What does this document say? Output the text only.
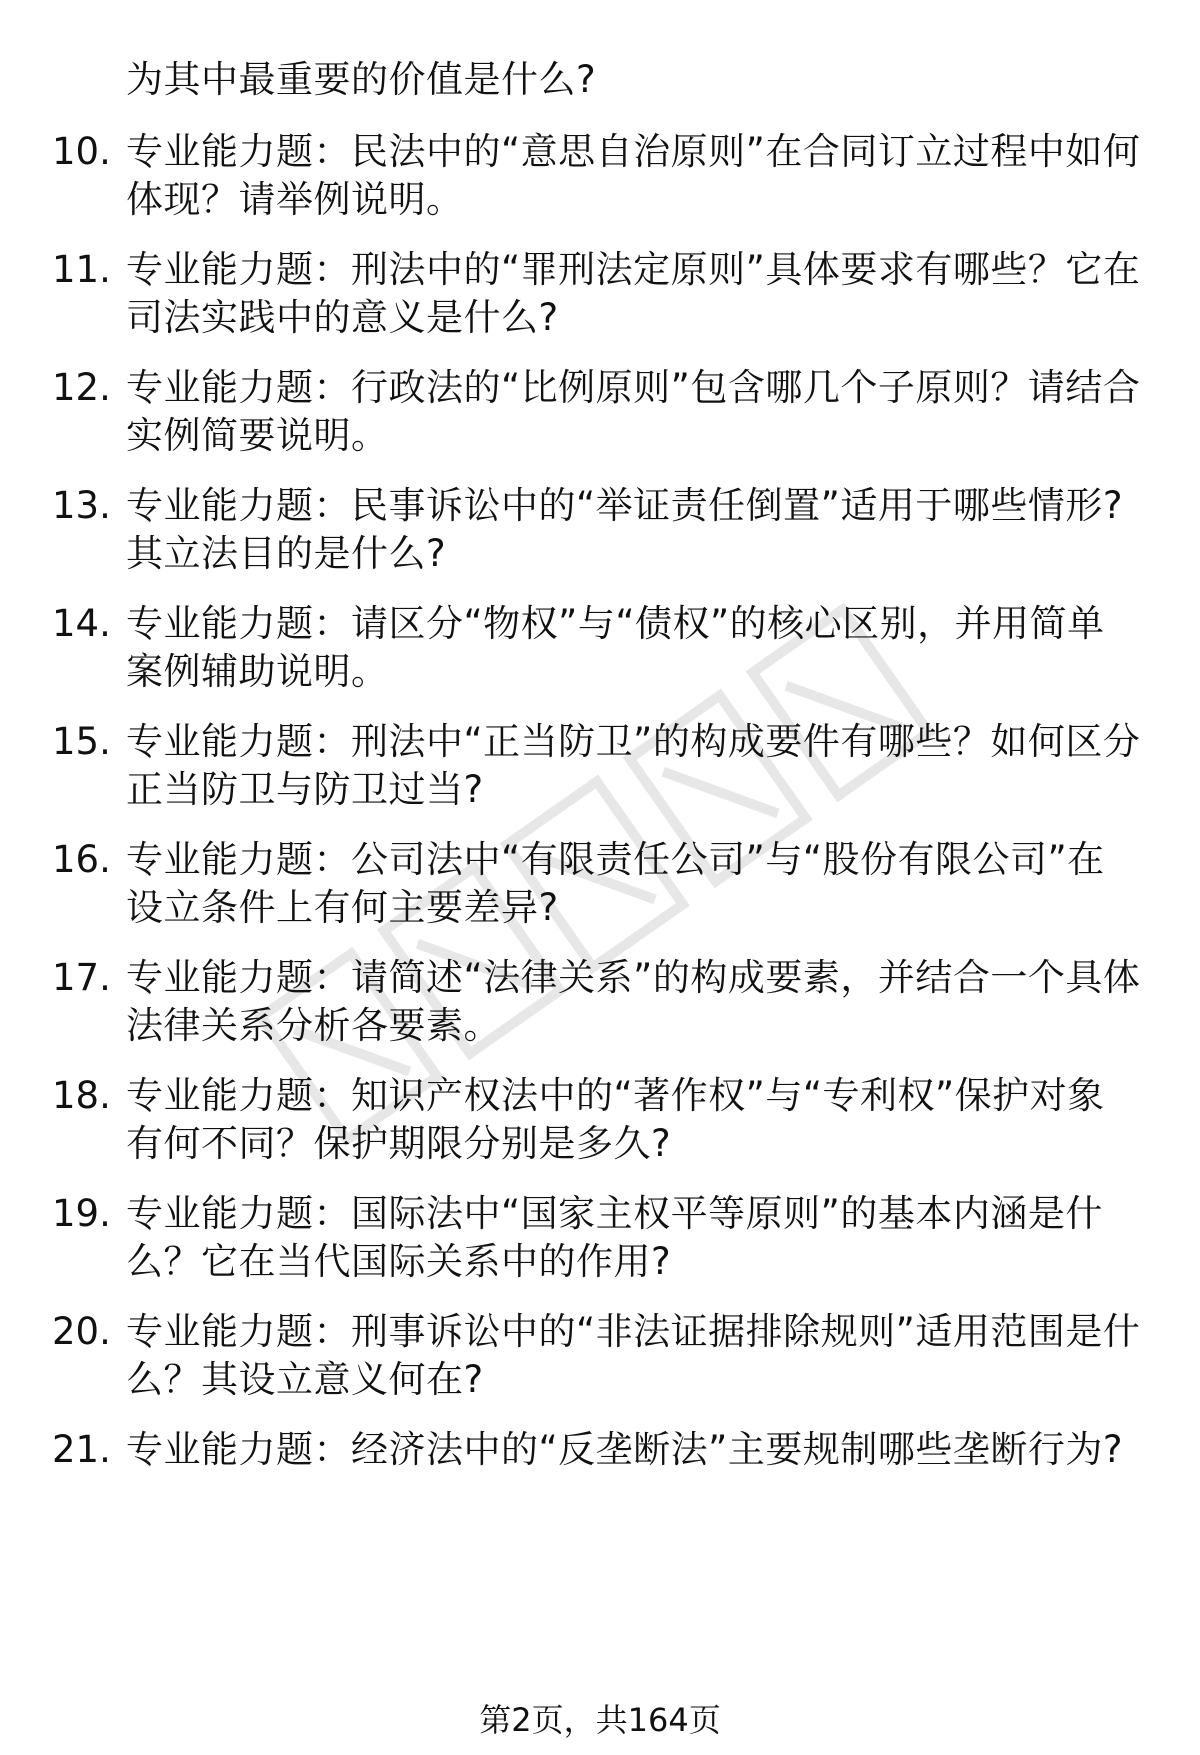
为其中最重要的价值是什么?
10. 专业能力题：民法中的“意思自治原则”在合同订立过程中如何
体现？请举例说明。
11. 专业能力题：刑法中的“罪刑法定原则”具体要求有哪些？它在
司法实践中的意义是什么?
12. 专业能力题：行政法的“比例原则”包含哪几个子原则？请结合
实例简要说明。
13. 专业能力题：民事诉讼中的“举证责任倒置”适用于哪些情形?
其立法目的是什么?
14. 专业能力题：请区分“物权”与“债权”的核心区别，并用简单
案例辅助说明。
15. 专业能力题：刑法中“正当防卫”的构成要件有哪些？如何区分
正当防卫与防卫过当?
16. 专业能力题：公司法中“有限责任公司”与“股份有限公司”在
设立条件上有何主要差异?
17. 专业能力题：请简述“法律关系”的构成要素，并结合一个具体
法律关系分析各要素。
18. 专业能力题：知识产权法中的“著作权”与“专利权”保护对象
有何不同？保护期限分别是多久?
19. 专业能力题：国际法中“国家主权平等原则”的基本内涵是什
么？它在当代国际关系中的作用?
20. 专业能力题：刑事诉讼中的“非法证据排除规则”适用范围是什
么？其设立意义何在?
21. 专业能力题：经济法中的“反垄断法”主要规制哪些垄断行为?
第2页，共164页
